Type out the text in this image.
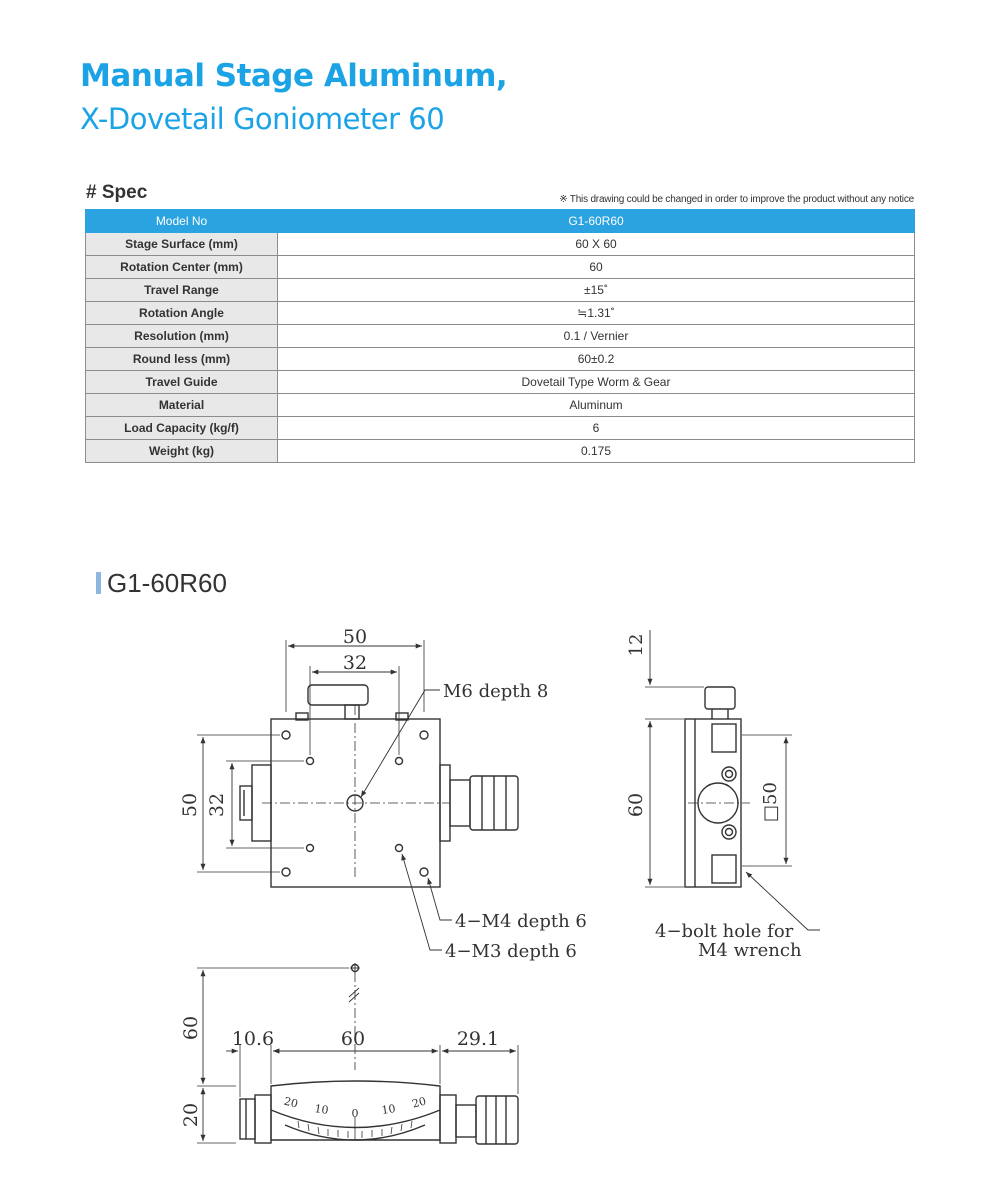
Manual Stage Aluminum,
X-Dovetail Goniometer 60
# Spec	※ This drawing could be changed in order to improve the product without any notice
Model No	G1-60R60
Stage Surface (mm)	60 X 60
Rotation Center (mm)	60
Travel Range	±15˚
Rotation Angle	≒1.31˚
Resolution (mm)	0.1 / Vernier
Round less (mm)	60±0.2
Travel Guide	Dovetail Type Worm & Gear
Material	Aluminum
Load Capacity (kg/f)	6
Weight (kg)	0.175
G1-60R60
50
32
50 32
M6 depth 8
4−M4 depth 6
4−M3 depth 6
12
60	□50
4−bolt hole for
M4 wrench
60
20
10.6	60	29.1
20 10 0 10 20
